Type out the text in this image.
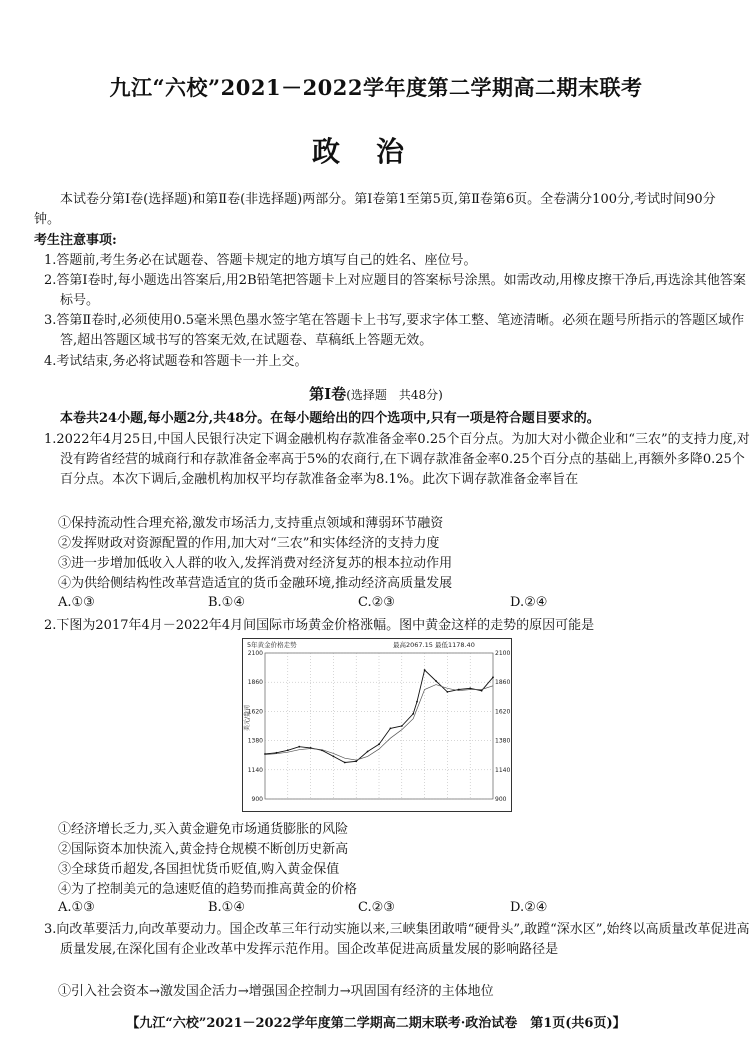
九江“六校”2021－2022学年度第二学期高二期末联考
政治
本试卷分第Ⅰ卷(选择题)和第Ⅱ卷(非选择题)两部分。第Ⅰ卷第1至第5页,第Ⅱ卷第6页。全卷满分100分,考试时间90分钟。
考生注意事项:
1.答题前,考生务必在试题卷、答题卡规定的地方填写自己的姓名、座位号。
2.答第Ⅰ卷时,每小题选出答案后,用2B铅笔把答题卡上对应题目的答案标号涂黑。如需改动,用橡皮擦干净后,再选涂其他答案标号。
3.答第Ⅱ卷时,必须使用0.5毫米黑色墨水签字笔在答题卡上书写,要求字体工整、笔迹清晰。必须在题号所指示的答题区域作答,超出答题区域书写的答案无效,在试题卷、草稿纸上答题无效。
4.考试结束,务必将试题卷和答题卡一并上交。
第Ⅰ卷(选择题　共48分)
本卷共24小题,每小题2分,共48分。在每小题给出的四个选项中,只有一项是符合题目要求的。
1.2022年4月25日,中国人民银行决定下调金融机构存款准备金率0.25个百分点。为加大对小微企业和“三农”的支持力度,对没有跨省经营的城商行和存款准备金率高于5%的农商行,在下调存款准备金率0.25个百分点的基础上,再额外多降0.25个百分点。本次下调后,金融机构加权平均存款准备金率为8.1%。此次下调存款准备金率旨在
①保持流动性合理充裕,激发市场活力,支持重点领域和薄弱环节融资
②发挥财政对资源配置的作用,加大对“三农”和实体经济的支持力度
③进一步增加低收入人群的收入,发挥消费对经济复苏的根本拉动作用
④为供给侧结构性改革营造适宜的货币金融环境,推动经济高质量发展
A.①③	B.①④	C.②③	D.②④
2.下图为2017年4月－2022年4月间国际市场黄金价格涨幅。图中黄金这样的走势的原因可能是
5年黄金价格走势	最高2067.15 最低1178.40
美元/盎司
2100	2100
1860	1860
1620	1620
1380	1380
1140	1140
900	900
①经济增长乏力,买入黄金避免市场通货膨胀的风险
②国际资本加快流入,黄金持仓规模不断创历史新高
③全球货币超发,各国担忧货币贬值,购入黄金保值
④为了控制美元的急速贬值的趋势而推高黄金的价格
A.①③	B.①④	C.②③	D.②④
3.向改革要活力,向改革要动力。国企改革三年行动实施以来,三峡集团敢啃“硬骨头”,敢蹚“深水区”,始终以高质量改革促进高质量发展,在深化国有企业改革中发挥示范作用。国企改革促进高质量发展的影响路径是
①引入社会资本→激发国企活力→增强国企控制力→巩固国有经济的主体地位
【九江“六校”2021－2022学年度第二学期高二期末联考·政治试卷　第1页(共6页)】
